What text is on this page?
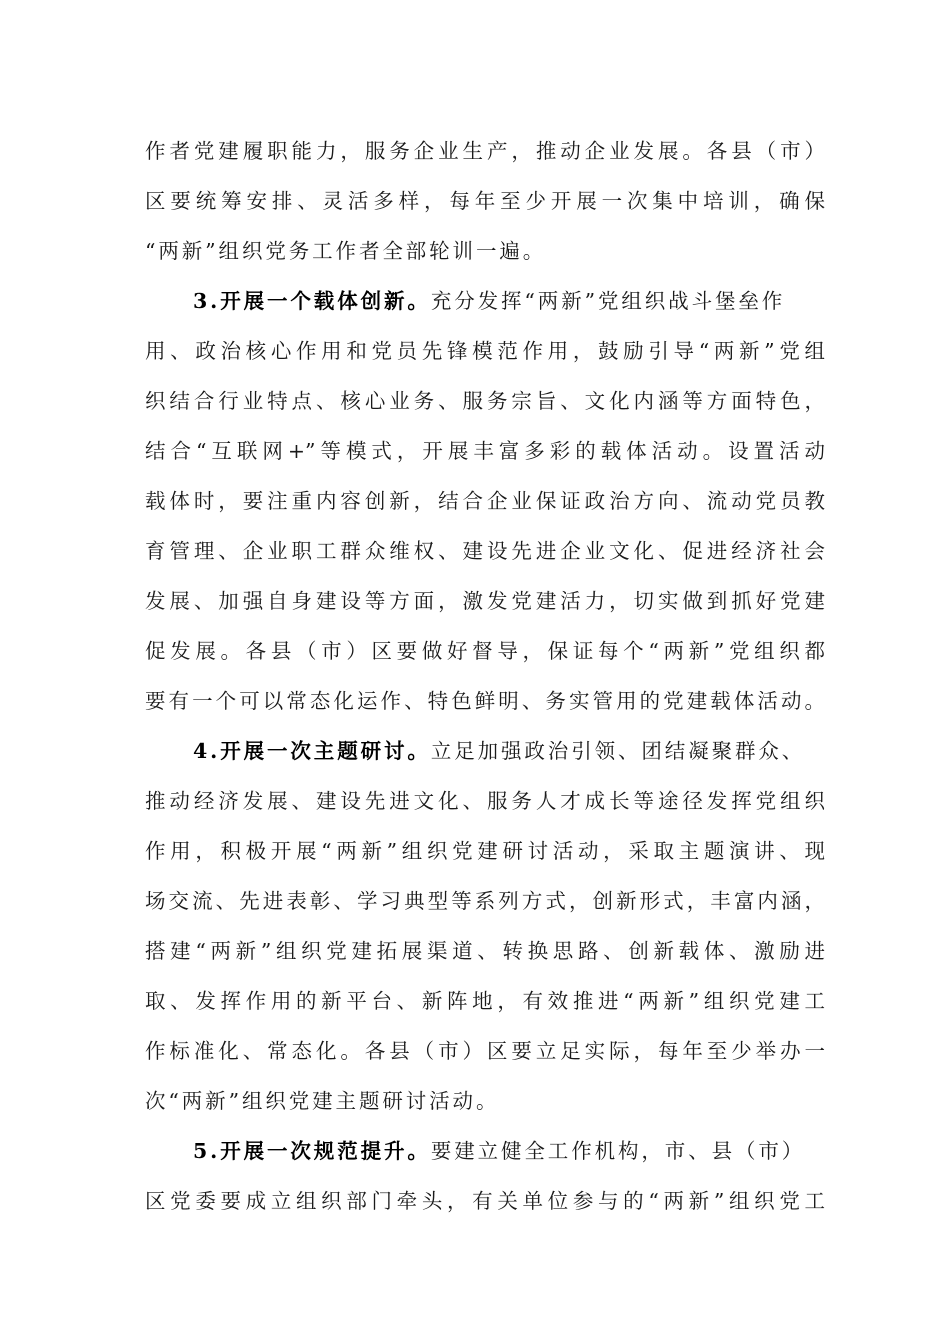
作者党建履职能力，服务企业生产，推动企业发展。各县（市）
区要统筹安排、灵活多样，每年至少开展一次集中培训，确保
“两新”组织党务工作者全部轮训一遍。
3.开展一个载体创新。充分发挥“两新”党组织战斗堡垒作
用、政治核心作用和党员先锋模范作用，鼓励引导“两新”党组
织结合行业特点、核心业务、服务宗旨、文化内涵等方面特色，
结合“互联网+”等模式，开展丰富多彩的载体活动。设置活动
载体时，要注重内容创新，结合企业保证政治方向、流动党员教
育管理、企业职工群众维权、建设先进企业文化、促进经济社会
发展、加强自身建设等方面，激发党建活力，切实做到抓好党建
促发展。各县（市）区要做好督导，保证每个“两新”党组织都
要有一个可以常态化运作、特色鲜明、务实管用的党建载体活动。
4.开展一次主题研讨。立足加强政治引领、团结凝聚群众、
推动经济发展、建设先进文化、服务人才成长等途径发挥党组织
作用，积极开展“两新”组织党建研讨活动，采取主题演讲、现
场交流、先进表彰、学习典型等系列方式，创新形式，丰富内涵，
搭建“两新”组织党建拓展渠道、转换思路、创新载体、激励进
取、发挥作用的新平台、新阵地，有效推进“两新”组织党建工
作标准化、常态化。各县（市）区要立足实际，每年至少举办一
次“两新”组织党建主题研讨活动。
5.开展一次规范提升。要建立健全工作机构，市、县（市）
区党委要成立组织部门牵头，有关单位参与的“两新”组织党工
